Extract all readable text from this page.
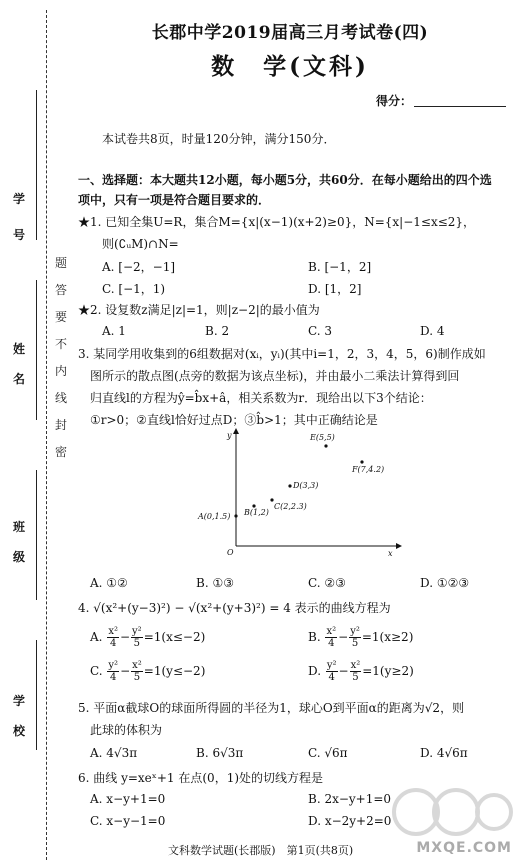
题
答
要
不
内
线
封
密
学
号
姓
名
班
级
学
校
长郡中学2019届高三月考试卷(四)
数　学(文科)
得分：
本试卷共8页，时量120分钟，满分150分．
一、选择题：本大题共12小题，每小题5分，共60分．在每小题给出的四个选
项中，只有一项是符合题目要求的．
★1. 已知全集U=R，集合M={x|(x−1)(x+2)≥0}，N={x|−1≤x≤2}，
则(∁ᵤM)∩N=
A. [−2，−1]	B. [−1，2]
C. [−1，1)	D. [1，2]
★2. 设复数z满足|z|=1，则|z−2|的最小值为
A. 1	B. 2	C. 3	D. 4
3. 某同学用收集到的6组数据对(xᵢ，yᵢ)(其中i=1，2，3，4，5，6)制作成如
图所示的散点图(点旁的数据为该点坐标)，并由最小二乘法计算得到回
归直线l的方程为ŷ=b̂x+â，相关系数为r．现给出以下3个结论：
①r>0；②直线l恰好过点D；③b̂>1；其中正确结论是
x
y
O
A(0,1.5) B(1,2)
C(2,2.3)
D(3,3)
E(5,5)
F(7,4.2)
A. ①②	B. ①③	C. ②③	D. ①②③
4. √(x²+(y−3)²) − √(x²+(y+3)²) = 4 表示的曲线方程为
A. $\frac{\text{x²}}{4} - \frac{\text{y²}}{5} =1(x\le-2)$	B. $\frac{\text{x²}}{4} - \frac{\text{y²}}{5} =1(x\ge 2)$
C. $\frac{\text{y²}}{4} - \frac{\text{x²}}{5} =1(y\le-2)$	D. $\frac{\text{y²}}{4} - \frac{\text{x²}}{5} =1(y\ge 2)$
5. 平面α截球O的球面所得圆的半径为1，球心O到平面α的距离为√2，则
此球的体积为
A. 4√3π	B. 6√3π	C. √6π	D. 4√6π
6. 曲线 y=xeˣ+1 在点(0，1)处的切线方程是
A. x−y+1=0	B. 2x−y+1=0
C. x−y−1=0	D. x−2y+2=0
文科数学试题(长郡版)　第1页(共8页)	MXQE.COM
